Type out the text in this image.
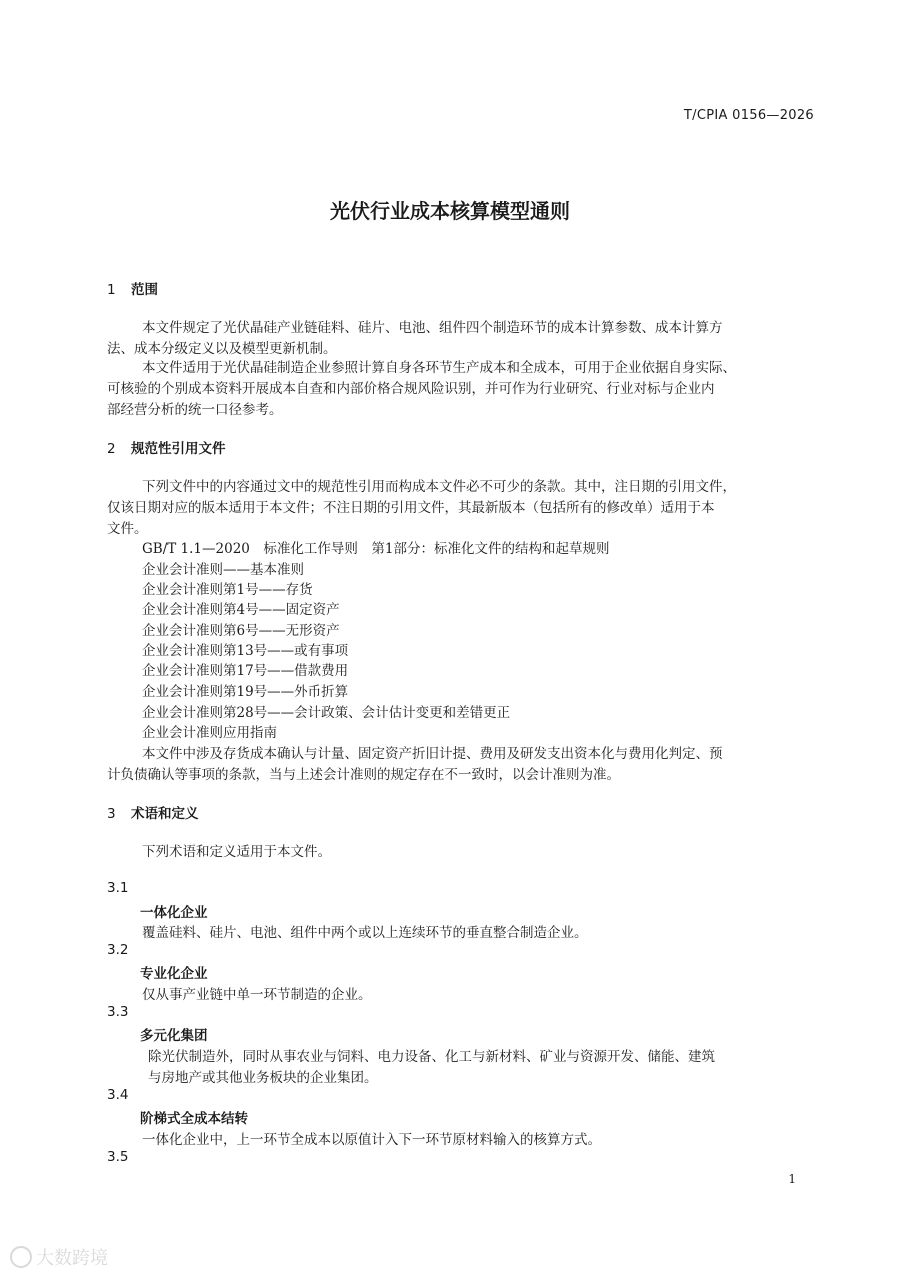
T/CPIA 0156—2026
光伏行业成本核算模型通则
1 范围
本文件规定了光伏晶硅产业链硅料、硅片、电池、组件四个制造环节的成本计算参数、成本计算方
法、成本分级定义以及模型更新机制。
本文件适用于光伏晶硅制造企业参照计算自身各环节生产成本和全成本，可用于企业依据自身实际、
可核验的个别成本资料开展成本自查和内部价格合规风险识别，并可作为行业研究、行业对标与企业内
部经营分析的统一口径参考。
2 规范性引用文件
下列文件中的内容通过文中的规范性引用而构成本文件必不可少的条款。其中，注日期的引用文件，
仅该日期对应的版本适用于本文件；不注日期的引用文件，其最新版本（包括所有的修改单）适用于本
文件。
GB/T 1.1—2020　标准化工作导则　第1部分：标准化文件的结构和起草规则
企业会计准则——基本准则
企业会计准则第1号——存货
企业会计准则第4号——固定资产
企业会计准则第6号——无形资产
企业会计准则第13号——或有事项
企业会计准则第17号——借款费用
企业会计准则第19号——外币折算
企业会计准则第28号——会计政策、会计估计变更和差错更正
企业会计准则应用指南
本文件中涉及存货成本确认与计量、固定资产折旧计提、费用及研发支出资本化与费用化判定、预
计负债确认等事项的条款，当与上述会计准则的规定存在不一致时，以会计准则为准。
3 术语和定义
下列术语和定义适用于本文件。
3.1
一体化企业
覆盖硅料、硅片、电池、组件中两个或以上连续环节的垂直整合制造企业。
3.2
专业化企业
仅从事产业链中单一环节制造的企业。
3.3
多元化集团
除光伏制造外，同时从事农业与饲料、电力设备、化工与新材料、矿业与资源开发、储能、建筑
与房地产或其他业务板块的企业集团。
3.4
阶梯式全成本结转
一体化企业中，上一环节全成本以原值计入下一环节原材料输入的核算方式。
3.5
1
大数跨境
